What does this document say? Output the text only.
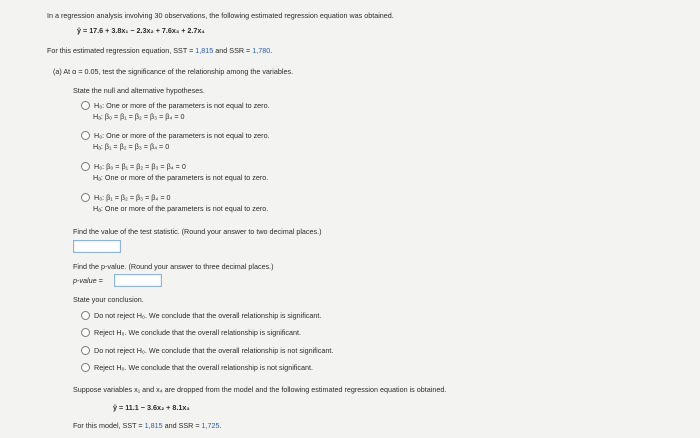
In a regression analysis involving 30 observations, the following estimated regression equation was obtained.
ŷ = 17.6 + 3.8x₁ − 2.3x₂ + 7.6x₃ + 2.7x₄
For this estimated regression equation, SST = 1,815 and SSR = 1,780.
(a) At α = 0.05, test the significance of the relationship among the variables.
State the null and alternative hypotheses.
H₀: One or more of the parameters is not equal to zero.
Hₐ: β₀ = β₁ = β₂ = β₃ = β₄ = 0
H₀: One or more of the parameters is not equal to zero.
Hₐ: β₁ = β₂ = β₃ = β₄ = 0
H₀: β₀ = β₁ = β₂ = β₃ = β₄ = 0
Hₐ: One or more of the parameters is not equal to zero.
H₀: β₁ = β₂ = β₃ = β₄ = 0
Hₐ: One or more of the parameters is not equal to zero.
Find the value of the test statistic. (Round your answer to two decimal places.)
Find the p-value. (Round your answer to three decimal places.)
p-value =
State your conclusion.
Do not reject H₀. We conclude that the overall relationship is significant.
Reject H₀. We conclude that the overall relationship is significant.
Do not reject H₀. We conclude that the overall relationship is not significant.
Reject H₀. We conclude that the overall relationship is not significant.
Suppose variables x₁ and x₄ are dropped from the model and the following estimated regression equation is obtained.
ŷ = 11.1 − 3.6x₂ + 8.1x₃
For this model, SST = 1,815 and SSR = 1,725.
